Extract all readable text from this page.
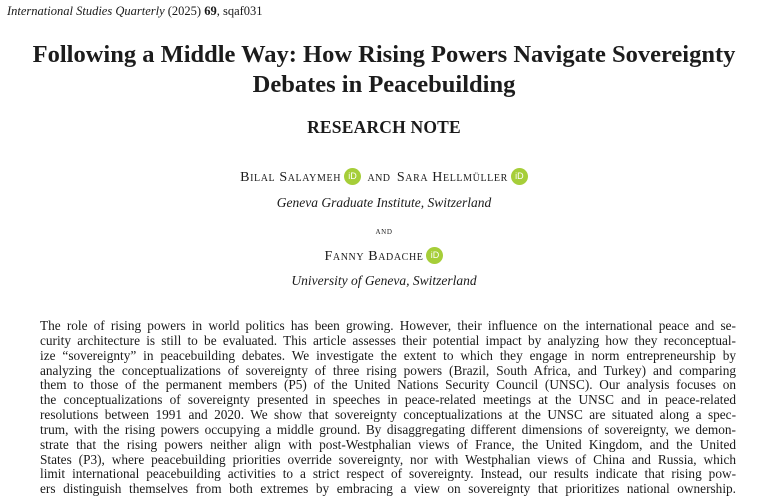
International Studies Quarterly (2025) 69, sqaf031
Following a Middle Way: How Rising Powers Navigate Sovereignty
Debates in Peacebuilding
RESEARCH NOTE
Bilal Salaymeh iD and Sara Hellmüller iD
Geneva Graduate Institute, Switzerland
and
Fanny Badache iD
University of Geneva, Switzerland
The role of rising powers in world politics has been growing. However, their influence on the international peace and se-
curity architecture is still to be evaluated. This article assesses their potential impact by analyzing how they reconceptual-
ize “sovereignty” in peacebuilding debates. We investigate the extent to which they engage in norm entrepreneurship by
analyzing the conceptualizations of sovereignty of three rising powers (Brazil, South Africa, and Turkey) and comparing
them to those of the permanent members (P5) of the United Nations Security Council (UNSC). Our analysis focuses on
the conceptualizations of sovereignty presented in speeches in peace-related meetings at the UNSC and in peace-related
resolutions between 1991 and 2020. We show that sovereignty conceptualizations at the UNSC are situated along a spec-
trum, with the rising powers occupying a middle ground. By disaggregating different dimensions of sovereignty, we demon-
strate that the rising powers neither align with post-Westphalian views of France, the United Kingdom, and the United
States (P3), where peacebuilding priorities override sovereignty, nor with Westphalian views of China and Russia, which
limit international peacebuilding activities to a strict respect of sovereignty. Instead, our results indicate that rising pow-
ers distinguish themselves from both extremes by embracing a view on sovereignty that prioritizes national ownership.
